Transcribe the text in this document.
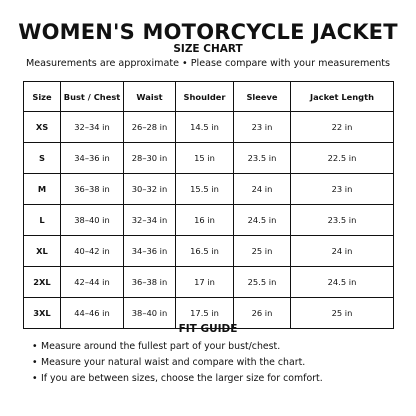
WOMEN'S MOTORCYCLE JACKET
SIZE CHART
Measurements are approximate • Please compare with your measurements
Size	Bust / Chest	Waist	Shoulder	Sleeve	Jacket Length
XS	32–34 in	26–28 in	14.5 in	23 in	22 in
S	34–36 in	28–30 in	15 in	23.5 in	22.5 in
M	36–38 in	30–32 in	15.5 in	24 in	23 in
L	38–40 in	32–34 in	16 in	24.5 in	23.5 in
XL	40–42 in	34–36 in	16.5 in	25 in	24 in
2XL	42–44 in	36–38 in	17 in	25.5 in	24.5 in
3XL	44–46 in	38–40 in	17.5 in	26 in	25 in
FIT GUIDE
• Measure around the fullest part of your bust/chest.
• Measure your natural waist and compare with the chart.
• If you are between sizes, choose the larger size for comfort.
